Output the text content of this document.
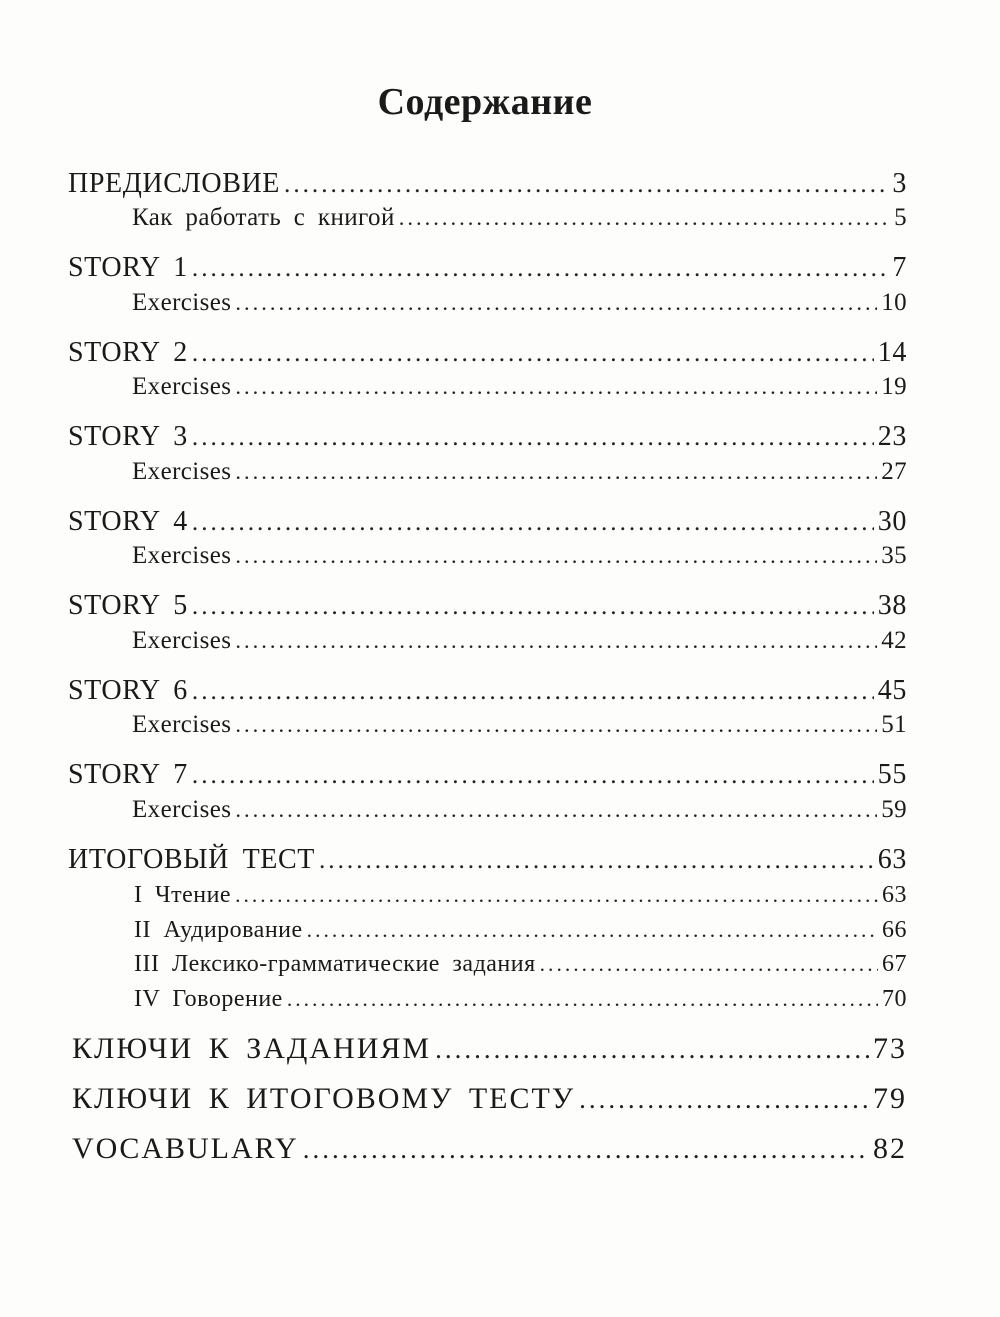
Содержание
ПРЕДИСЛОВИЕ .....	3
Как работать с книгой .....	5
STORY 1 .....	7
Exercises .....	10
STORY 2 .....	14
Exercises .....	19
STORY 3 .....	23
Exercises .....	27
STORY 4 .....	30
Exercises .....	35
STORY 5 .....	38
Exercises .....	42
STORY 6 .....	45
Exercises .....	51
STORY 7 .....	55
Exercises .....	59
ИТОГОВЫЙ ТЕСТ .....	63
I Чтение .....	63
II Аудирование .....	66
III Лексико-грамматические задания .....	67
IV Говорение .....	70
КЛЮЧИ К ЗАДАНИЯМ .....	73
КЛЮЧИ К ИТОГОВОМУ ТЕСТУ .....	79
VOCABULARY .....	82
